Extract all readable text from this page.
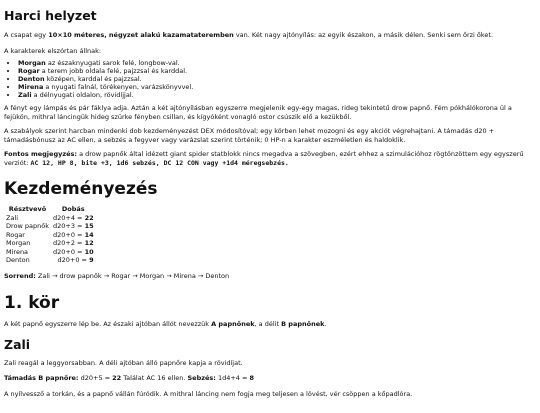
Harci helyzet

A csapat egy 10×10 méteres, négyzet alakú kazamatateremben van. Két nagy ajtónyílás: az egyik északon, a másik délen. Senki sem őrzi őket.

A karakterek elszórtan állnak:

• Morgan az északnyugati sarok felé, longbow-val.
• Rogar a terem jobb oldala felé, pajzzsal és karddal.
• Denton középen, karddal és pajzzsal.
• Mirena a nyugati falnál, törékenyen, varázskönyvvel.
• Zali a délnyugati oldalon, rövidíjjal.

A fényt egy lámpás és pár fáklya adja. Aztán a két ajtónyílásban egyszerre megjelenik egy-egy magas, rideg tekintetű drow papnő. Fém pókhálókorona ül a fejükön, mithral láncingük hideg szürke fényben csillan, és kígyóként vonagló ostor csúszik elő a kezükből.

A szabályok szerint harcban mindenki dob kezdeményezést DEX módosítóval; egy körben lehet mozogni és egy akciót végrehajtani. A támadás d20 + támadásbónusz az AC ellen, a sebzés a fegyver vagy varázslat szerint történik; 0 HP-n a karakter eszméletlen és haldoklik.

Fontos megjegyzés: a drow papnők által idézett giant spider statblokk nincs megadva a szövegben, ezért ehhez a szimulációhoz rögtönzöttem egy egyszerű verziót: AC 12, HP 8, bite +3, 1d6 sebzés, DC 12 CON vagy +1d4 méregsebzés.

Kezdeményezés
Résztvevő	Dobás
Zali	d20+4 = 22
Drow papnők	d20+3 = 15
Rogar	d20+0 = 14
Morgan	d20+2 = 12
Mirena	d20+0 = 10
Denton	d20+0 = 9

Sorrend: Zali → drow papnők → Rogar → Morgan → Mirena → Denton

1. kör

A két papnő egyszerre lép be. Az északi ajtóban állót nevezzük A papnőnek, a délit B papnőnek.

Zali

Zali reagál a leggyorsabban. A déli ajtóban álló papnőre kapja a rövidíjat.

Támadás B papnőre: d20+5 = 22 Találat AC 16 ellen. Sebzés: 1d4+4 = 8

A nyílvessző a torkán, és a papnő vállán fúródik. A mithral láncing nem fogja meg teljesen a lövést, vér csöppen a kőpadlóra.
